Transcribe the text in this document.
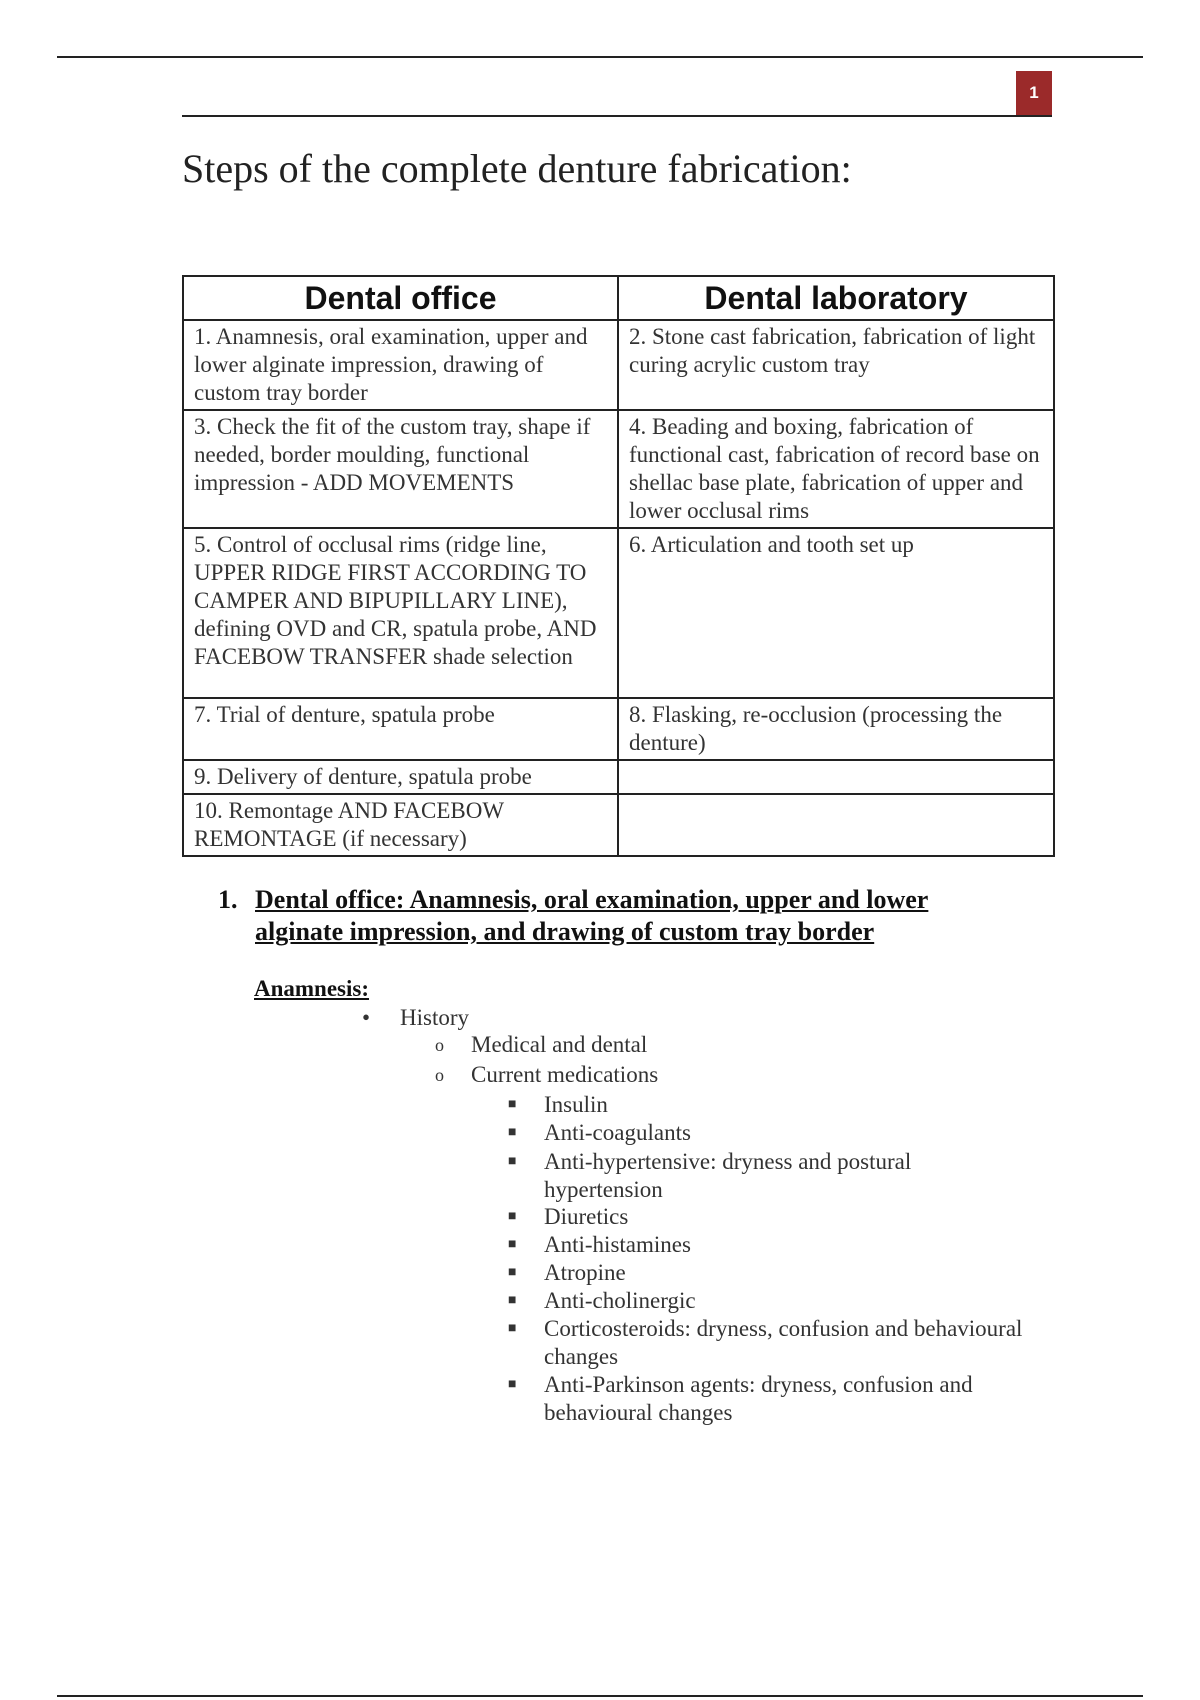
1
Steps of the complete denture fabrication:
Dental office	Dental laboratory
1. Anamnesis, oral examination, upper and lower alginate impression, drawing of custom tray border	2. Stone cast fabrication, fabrication of light curing acrylic custom tray
3. Check the fit of the custom tray, shape if needed, border moulding, functional impression - ADD MOVEMENTS	4. Beading and boxing, fabrication of functional cast, fabrication of record base on shellac base plate, fabrication of upper and lower occlusal rims
5. Control of occlusal rims (ridge line, UPPER RIDGE FIRST ACCORDING TO CAMPER AND BIPUPILLARY LINE), defining OVD and CR, spatula probe, AND FACEBOW TRANSFER shade selection	6. Articulation and tooth set up
7. Trial of denture, spatula probe	8. Flasking, re-occlusion (processing the denture)
9. Delivery of denture, spatula probe	
10. Remontage AND FACEBOW REMONTAGE (if necessary)	
1. Dental office: Anamnesis, oral examination, upper and lower alginate impression, and drawing of custom tray border
Anamnesis:
• History
o Medical and dental
o Current medications
■ Insulin
■ Anti-coagulants
■ Anti-hypertensive: dryness and postural hypertension
■ Diuretics
■ Anti-histamines
■ Atropine
■ Anti-cholinergic
■ Corticosteroids: dryness, confusion and behavioural changes
■ Anti-Parkinson agents: dryness, confusion and behavioural changes
